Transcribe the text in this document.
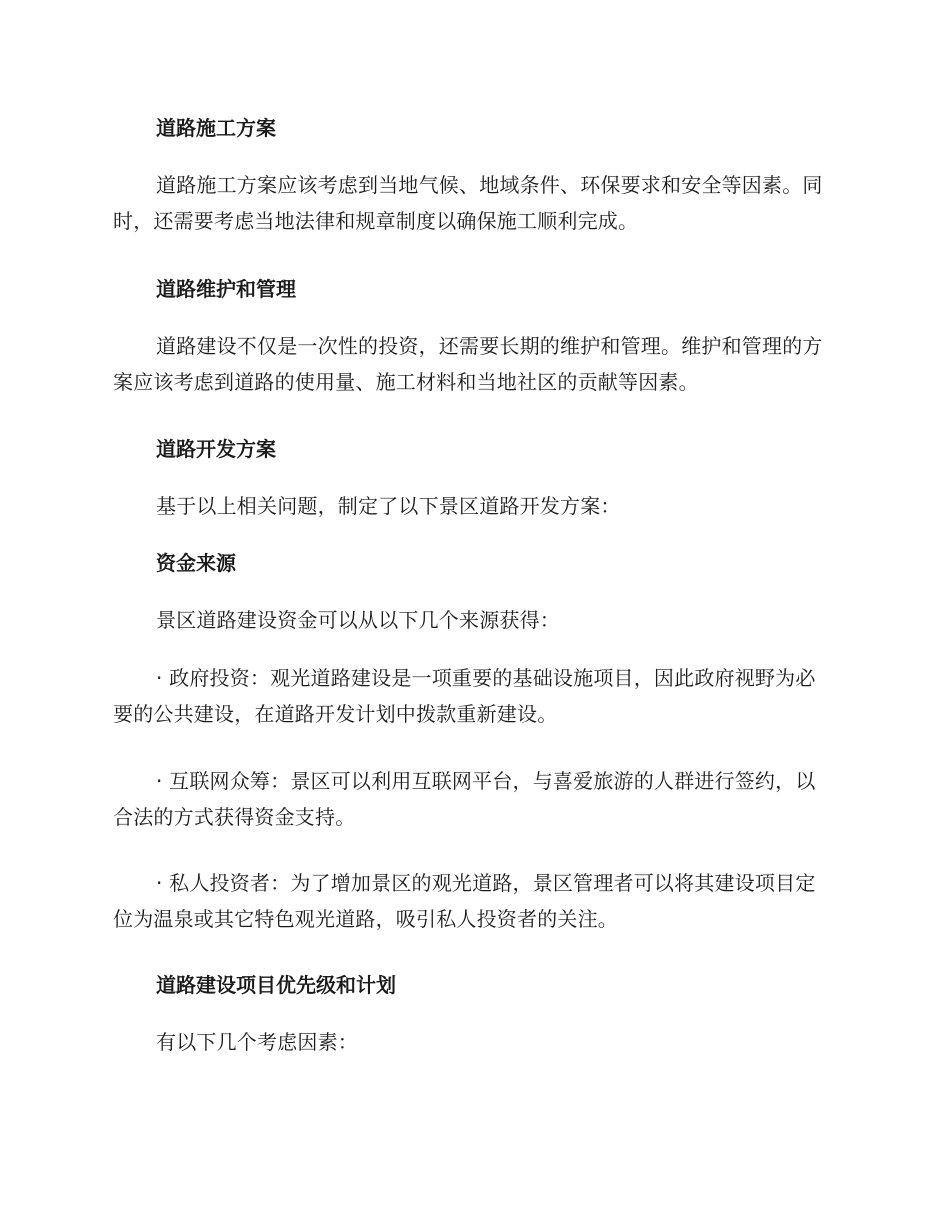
道路施工方案

道路施工方案应该考虑到当地气候、地域条件、环保要求和安全等因素。同时，还需要考虑当地法律和规章制度以确保施工顺利完成。

道路维护和管理

道路建设不仅是一次性的投资，还需要长期的维护和管理。维护和管理的方案应该考虑到道路的使用量、施工材料和当地社区的贡献等因素。

道路开发方案

基于以上相关问题，制定了以下景区道路开发方案：

资金来源

景区道路建设资金可以从以下几个来源获得：

· 政府投资：观光道路建设是一项重要的基础设施项目，因此政府视野为必要的公共建设，在道路开发计划中拨款重新建设。

· 互联网众筹：景区可以利用互联网平台，与喜爱旅游的人群进行签约，以合法的方式获得资金支持。

· 私人投资者：为了增加景区的观光道路，景区管理者可以将其建设项目定位为温泉或其它特色观光道路，吸引私人投资者的关注。

道路建设项目优先级和计划

有以下几个考虑因素：
